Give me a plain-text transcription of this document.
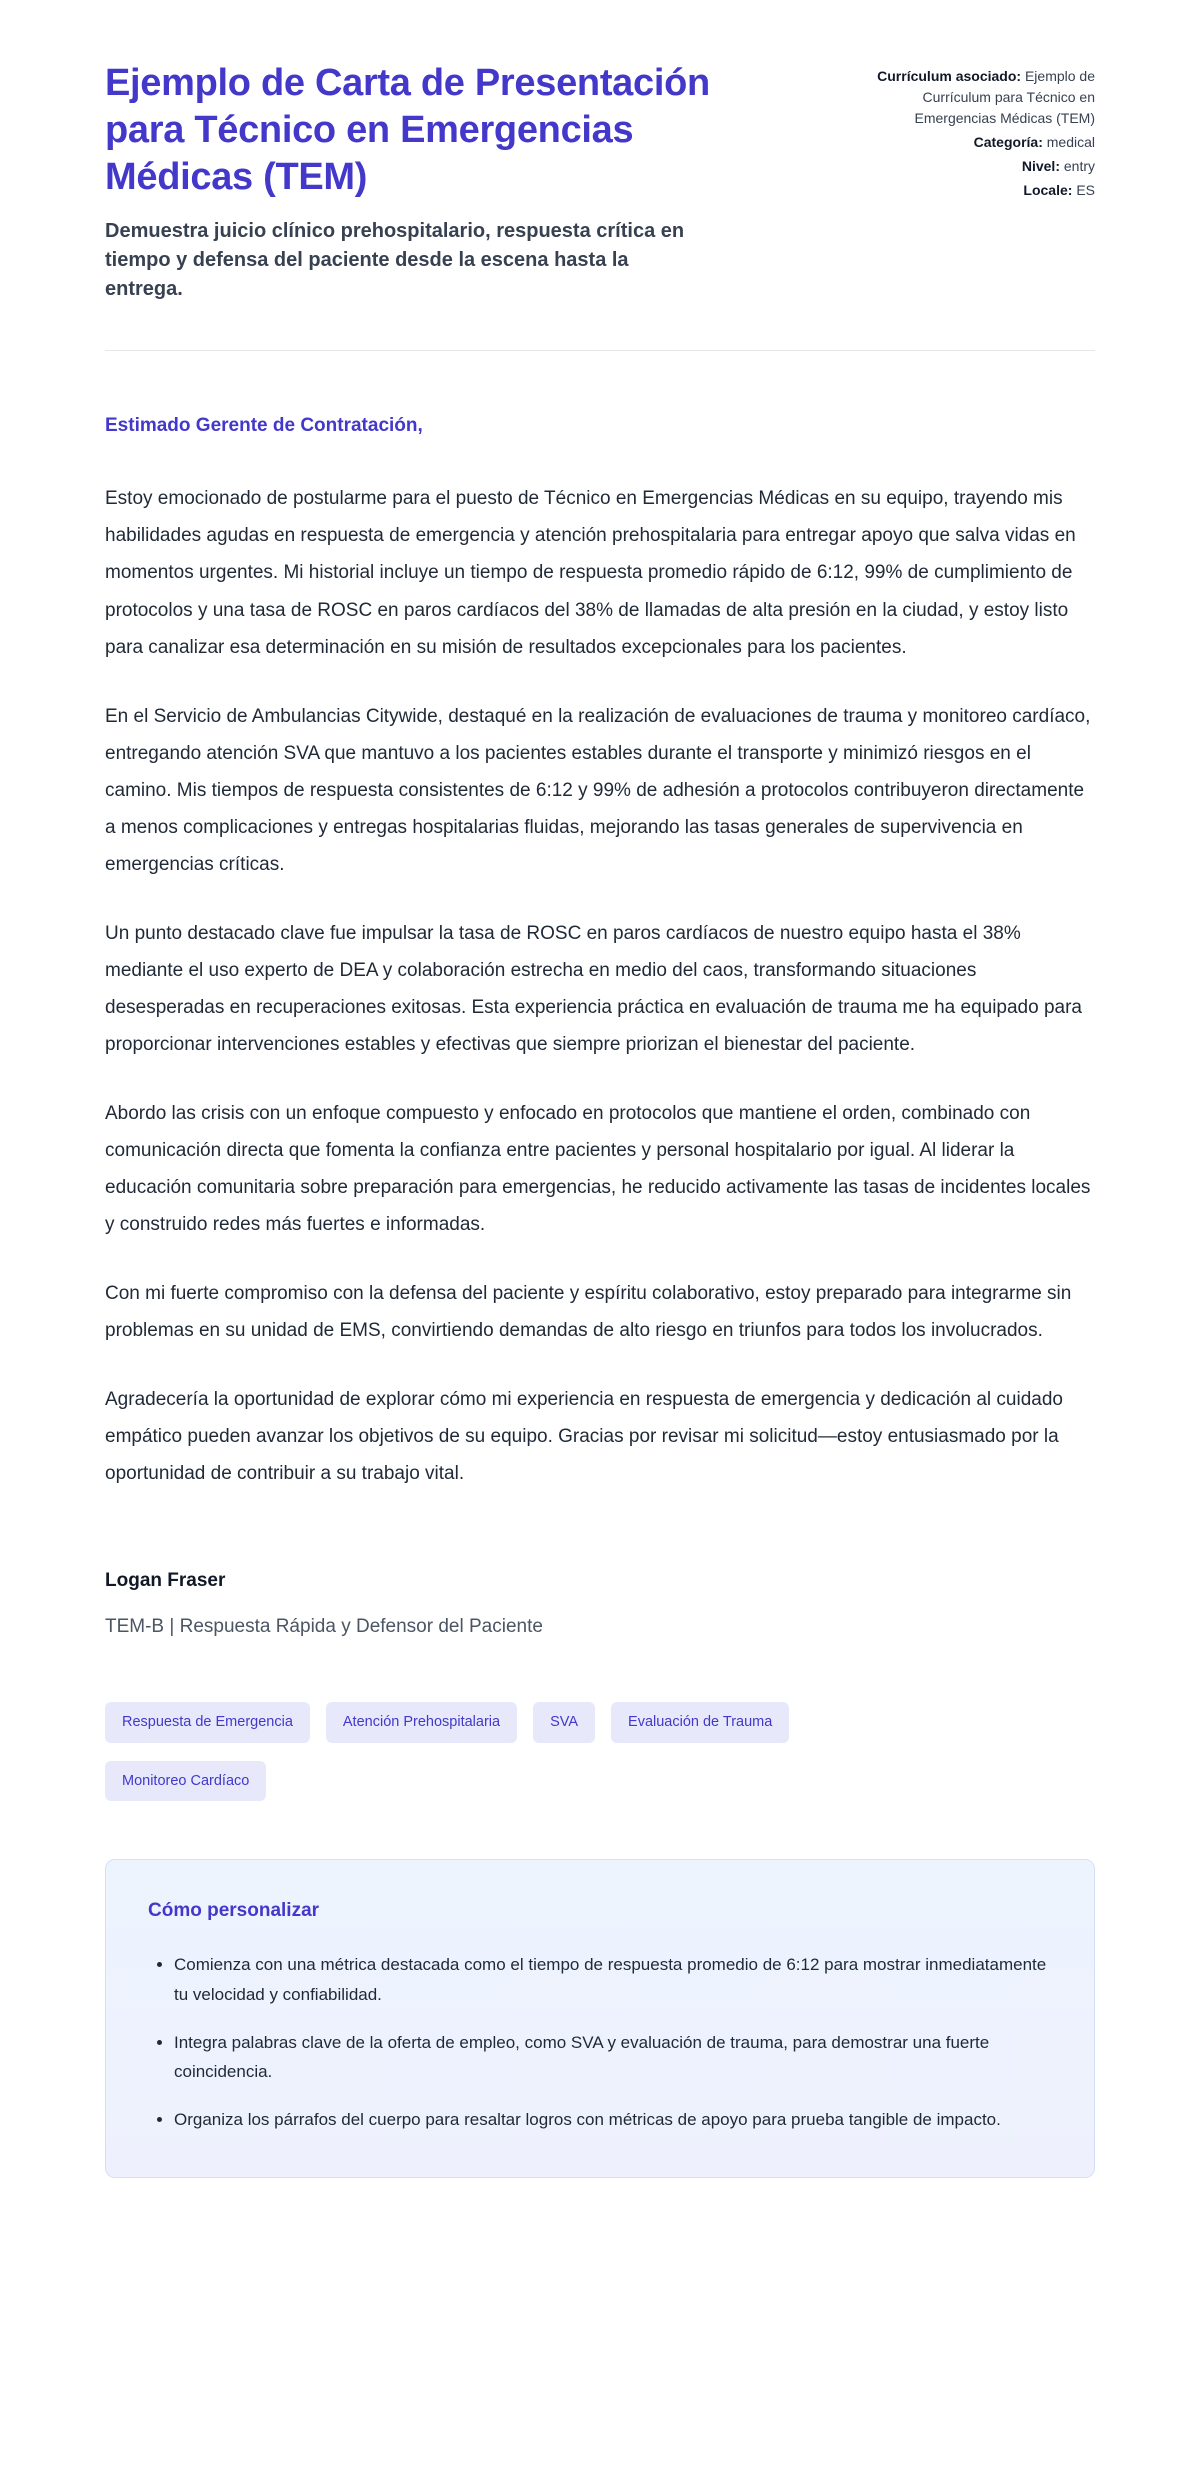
Ejemplo de Carta de Presentación para Técnico en Emergencias Médicas (TEM)

Demuestra juicio clínico prehospitalario, respuesta crítica en tiempo y defensa del paciente desde la escena hasta la entrega.

Currículum asociado: Ejemplo de Currículum para Técnico en Emergencias Médicas (TEM)

Categoría: medical

Nivel: entry

Locale: ES

Estimado Gerente de Contratación,

Estoy emocionado de postularme para el puesto de Técnico en Emergencias Médicas en su equipo, trayendo mis habilidades agudas en respuesta de emergencia y atención prehospitalaria para entregar apoyo que salva vidas en momentos urgentes. Mi historial incluye un tiempo de respuesta promedio rápido de 6:12, 99% de cumplimiento de protocolos y una tasa de ROSC en paros cardíacos del 38% de llamadas de alta presión en la ciudad, y estoy listo para canalizar esa determinación en su misión de resultados excepcionales para los pacientes.

En el Servicio de Ambulancias Citywide, destaqué en la realización de evaluaciones de trauma y monitoreo cardíaco, entregando atención SVA que mantuvo a los pacientes estables durante el transporte y minimizó riesgos en el camino. Mis tiempos de respuesta consistentes de 6:12 y 99% de adhesión a protocolos contribuyeron directamente a menos complicaciones y entregas hospitalarias fluidas, mejorando las tasas generales de supervivencia en emergencias críticas.

Un punto destacado clave fue impulsar la tasa de ROSC en paros cardíacos de nuestro equipo hasta el 38% mediante el uso experto de DEA y colaboración estrecha en medio del caos, transformando situaciones desesperadas en recuperaciones exitosas. Esta experiencia práctica en evaluación de trauma me ha equipado para proporcionar intervenciones estables y efectivas que siempre priorizan el bienestar del paciente.

Abordo las crisis con un enfoque compuesto y enfocado en protocolos que mantiene el orden, combinado con comunicación directa que fomenta la confianza entre pacientes y personal hospitalario por igual. Al liderar la educación comunitaria sobre preparación para emergencias, he reducido activamente las tasas de incidentes locales y construido redes más fuertes e informadas.

Con mi fuerte compromiso con la defensa del paciente y espíritu colaborativo, estoy preparado para integrarme sin problemas en su unidad de EMS, convirtiendo demandas de alto riesgo en triunfos para todos los involucrados.

Agradecería la oportunidad de explorar cómo mi experiencia en respuesta de emergencia y dedicación al cuidado empático pueden avanzar los objetivos de su equipo. Gracias por revisar mi solicitud—estoy entusiasmado por la oportunidad de contribuir a su trabajo vital.

Logan Fraser

TEM-B | Respuesta Rápida y Defensor del Paciente

Respuesta de Emergencia	Atención Prehospitalaria	SVA	Evaluación de Trauma
Monitoreo Cardíaco
Cómo personalizar
• Comienza con una métrica destacada como el tiempo de respuesta promedio de 6:12 para mostrar inmediatamente tu velocidad y confiabilidad.
• Integra palabras clave de la oferta de empleo, como SVA y evaluación de trauma, para demostrar una fuerte coincidencia.
• Organiza los párrafos del cuerpo para resaltar logros con métricas de apoyo para prueba tangible de impacto.
